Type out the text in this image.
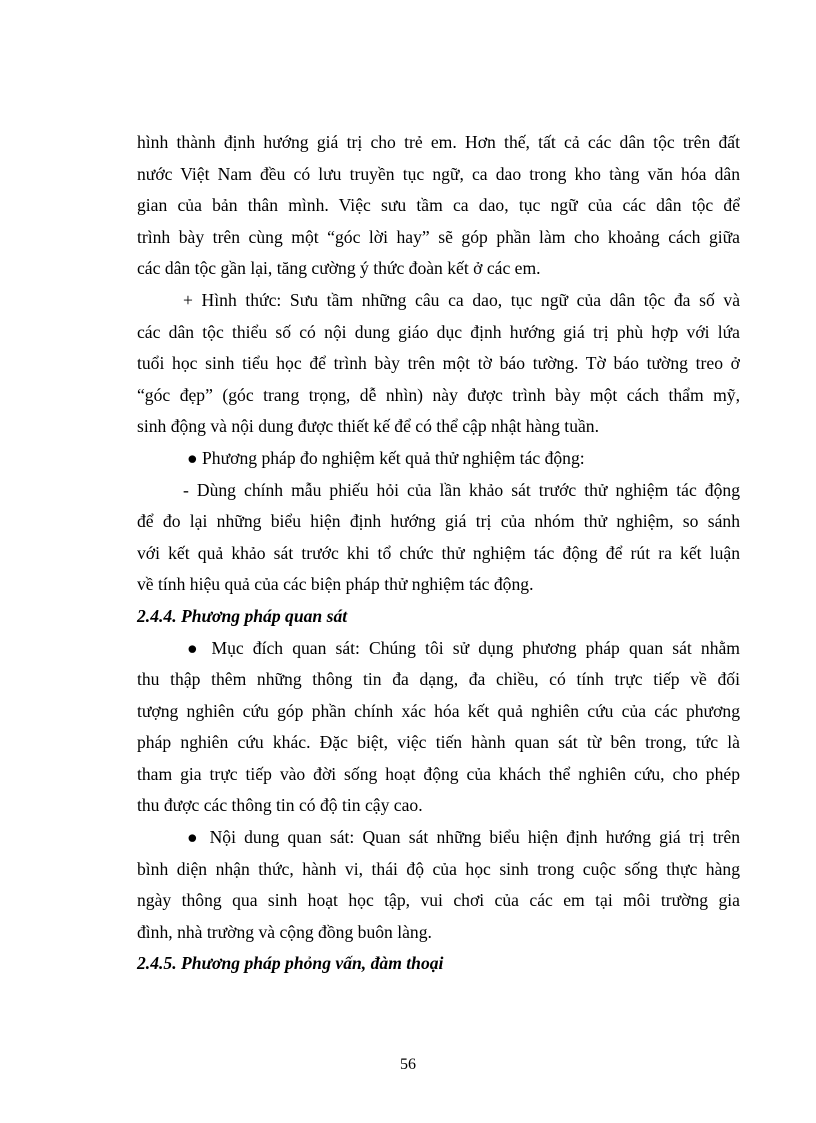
hình thành định hướng giá trị cho trẻ em. Hơn thế, tất cả các dân tộc trên đất
nước Việt Nam đều có lưu truyền tục ngữ, ca dao trong kho tàng văn hóa dân
gian của bản thân mình. Việc sưu tầm ca dao, tục ngữ của các dân tộc để
trình bày trên cùng một “góc lời hay” sẽ góp phần làm cho khoảng cách giữa
các dân tộc gần lại, tăng cường ý thức đoàn kết ở các em.
+ Hình thức: Sưu tầm những câu ca dao, tục ngữ của dân tộc đa số và
các dân tộc thiểu số có nội dung giáo dục định hướng giá trị phù hợp với lứa
tuổi học sinh tiểu học để trình bày trên một tờ báo tường. Tờ báo tường treo ở
“góc đẹp” (góc trang trọng, dễ nhìn) này được trình bày một cách thẩm mỹ,
sinh động và nội dung được thiết kế để có thể cập nhật hàng tuần.
● Phương pháp đo nghiệm kết quả thử nghiệm tác động:
- Dùng chính mẫu phiếu hỏi của lần khảo sát trước thử nghiệm tác động
để đo lại những biểu hiện định hướng giá trị của nhóm thử nghiệm, so sánh
với kết quả khảo sát trước khi tổ chức thử nghiệm tác động để rút ra kết luận
về tính hiệu quả của các biện pháp thử nghiệm tác động.
2.4.4. Phương pháp quan sát
● Mục đích quan sát: Chúng tôi sử dụng phương pháp quan sát nhằm
thu thập thêm những thông tin đa dạng, đa chiều, có tính trực tiếp về đối
tượng nghiên cứu góp phần chính xác hóa kết quả nghiên cứu của các phương
pháp nghiên cứu khác. Đặc biệt, việc tiến hành quan sát từ bên trong, tức là
tham gia trực tiếp vào đời sống hoạt động của khách thể nghiên cứu, cho phép
thu được các thông tin có độ tin cậy cao.
● Nội dung quan sát: Quan sát những biểu hiện định hướng giá trị trên
bình diện nhận thức, hành vi, thái độ của học sinh trong cuộc sống thực hàng
ngày thông qua sinh hoạt học tập, vui chơi của các em tại môi trường gia
đình, nhà trường và cộng đồng buôn làng.
2.4.5. Phương pháp phỏng vấn, đàm thoại
56
